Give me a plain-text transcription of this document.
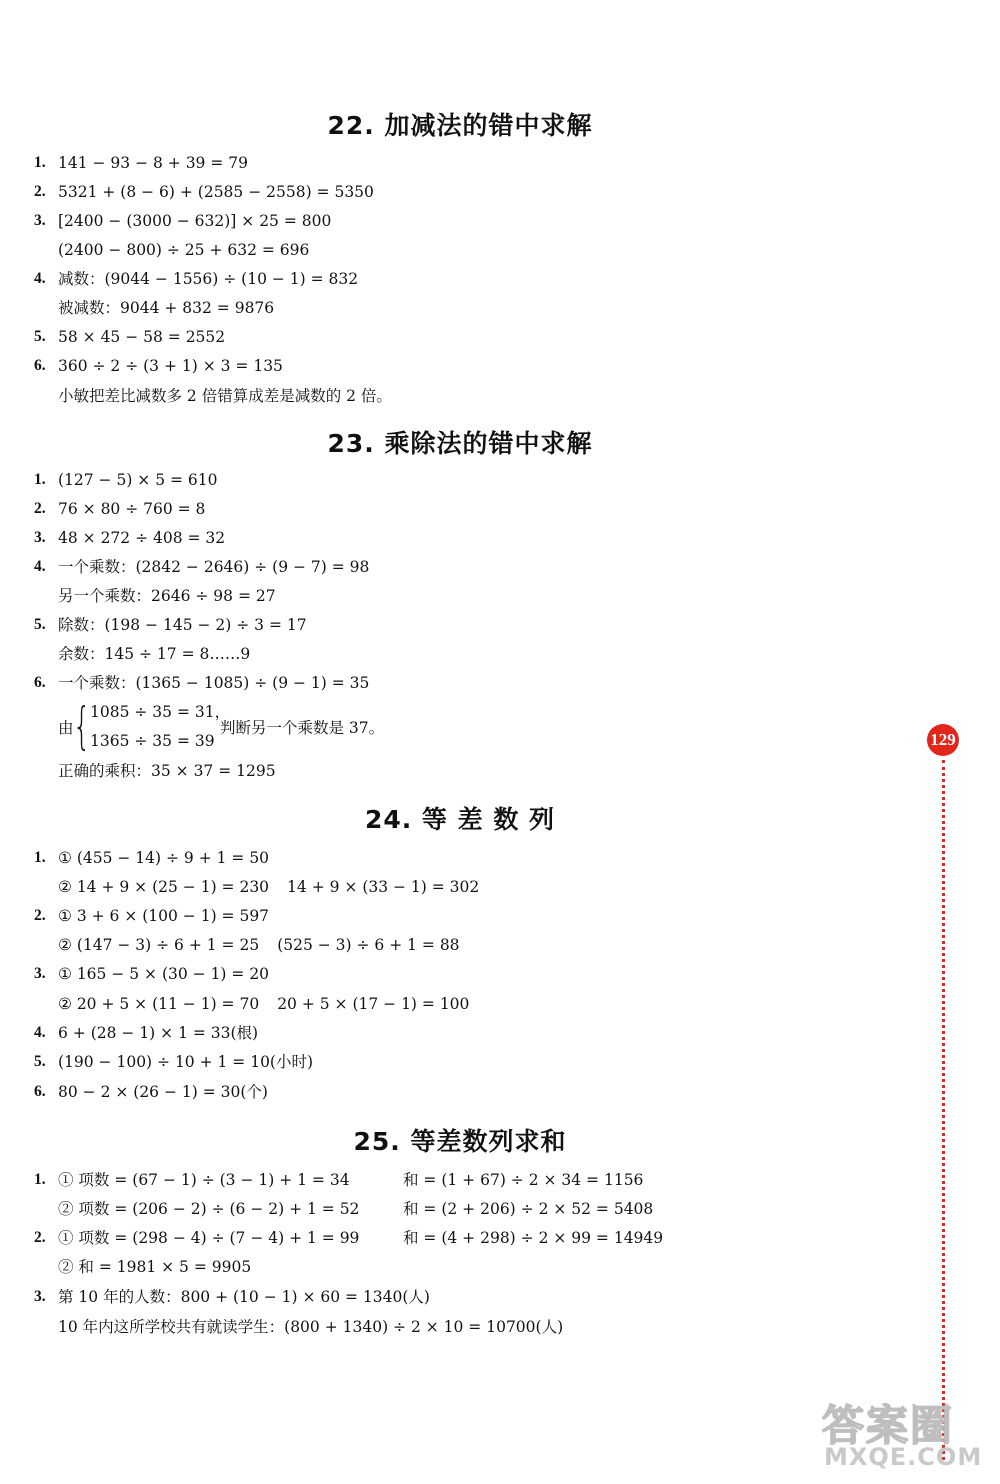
22. 加减法的错中求解
1. 141 − 93 − 8 + 39 = 79
2. 5321 + (8 − 6) + (2585 − 2558) = 5350
3. [2400 − (3000 − 632)] × 25 = 800
(2400 − 800) ÷ 25 + 632 = 696
4. 减数：(9044 − 1556) ÷ (10 − 1) = 832
被减数：9044 + 832 = 9876
5. 58 × 45 − 58 = 2552
6. 360 ÷ 2 ÷ (3 + 1) × 3 = 135
小敏把差比减数多 2 倍错算成差是减数的 2 倍。
23. 乘除法的错中求解
1. (127 − 5) × 5 = 610
2. 76 × 80 ÷ 760 = 8
3. 48 × 272 ÷ 408 = 32
4. 一个乘数：(2842 − 2646) ÷ (9 − 7) = 98
另一个乘数：2646 ÷ 98 = 27
5. 除数：(198 − 145 − 2) ÷ 3 = 17
余数：145 ÷ 17 = 8……9
6. 一个乘数：(1365 − 1085) ÷ (9 − 1) = 35
由 { 1085 ÷ 35 = 31，
1365 ÷ 35 = 39
判断另一个乘数是 37。
正确的乘积：35 × 37 = 1295
24. 等 差 数 列
1. ① (455 − 14) ÷ 9 + 1 = 50
② 14 + 9 × (25 − 1) = 230 14 + 9 × (33 − 1) = 302
2. ① 3 + 6 × (100 − 1) = 597
② (147 − 3) ÷ 6 + 1 = 25 (525 − 3) ÷ 6 + 1 = 88
3. ① 165 − 5 × (30 − 1) = 20
② 20 + 5 × (11 − 1) = 70 20 + 5 × (17 − 1) = 100
4. 6 + (28 − 1) × 1 = 33(根)
5. (190 − 100) ÷ 10 + 1 = 10(小时)
6. 80 − 2 × (26 − 1) = 30(个)
25. 等差数列求和
1. ① 项数 = (67 − 1) ÷ (3 − 1) + 1 = 34	和 = (1 + 67) ÷ 2 × 34 = 1156
② 项数 = (206 − 2) ÷ (6 − 2) + 1 = 52	和 = (2 + 206) ÷ 2 × 52 = 5408
2. ① 项数 = (298 − 4) ÷ (7 − 4) + 1 = 99	和 = (4 + 298) ÷ 2 × 99 = 14949
② 和 = 1981 × 5 = 9905
3. 第 10 年的人数：800 + (10 − 1) × 60 = 1340(人)
10 年内这所学校共有就读学生：(800 + 1340) ÷ 2 × 10 = 10700(人)
129
答案圈
MXQE.COM
